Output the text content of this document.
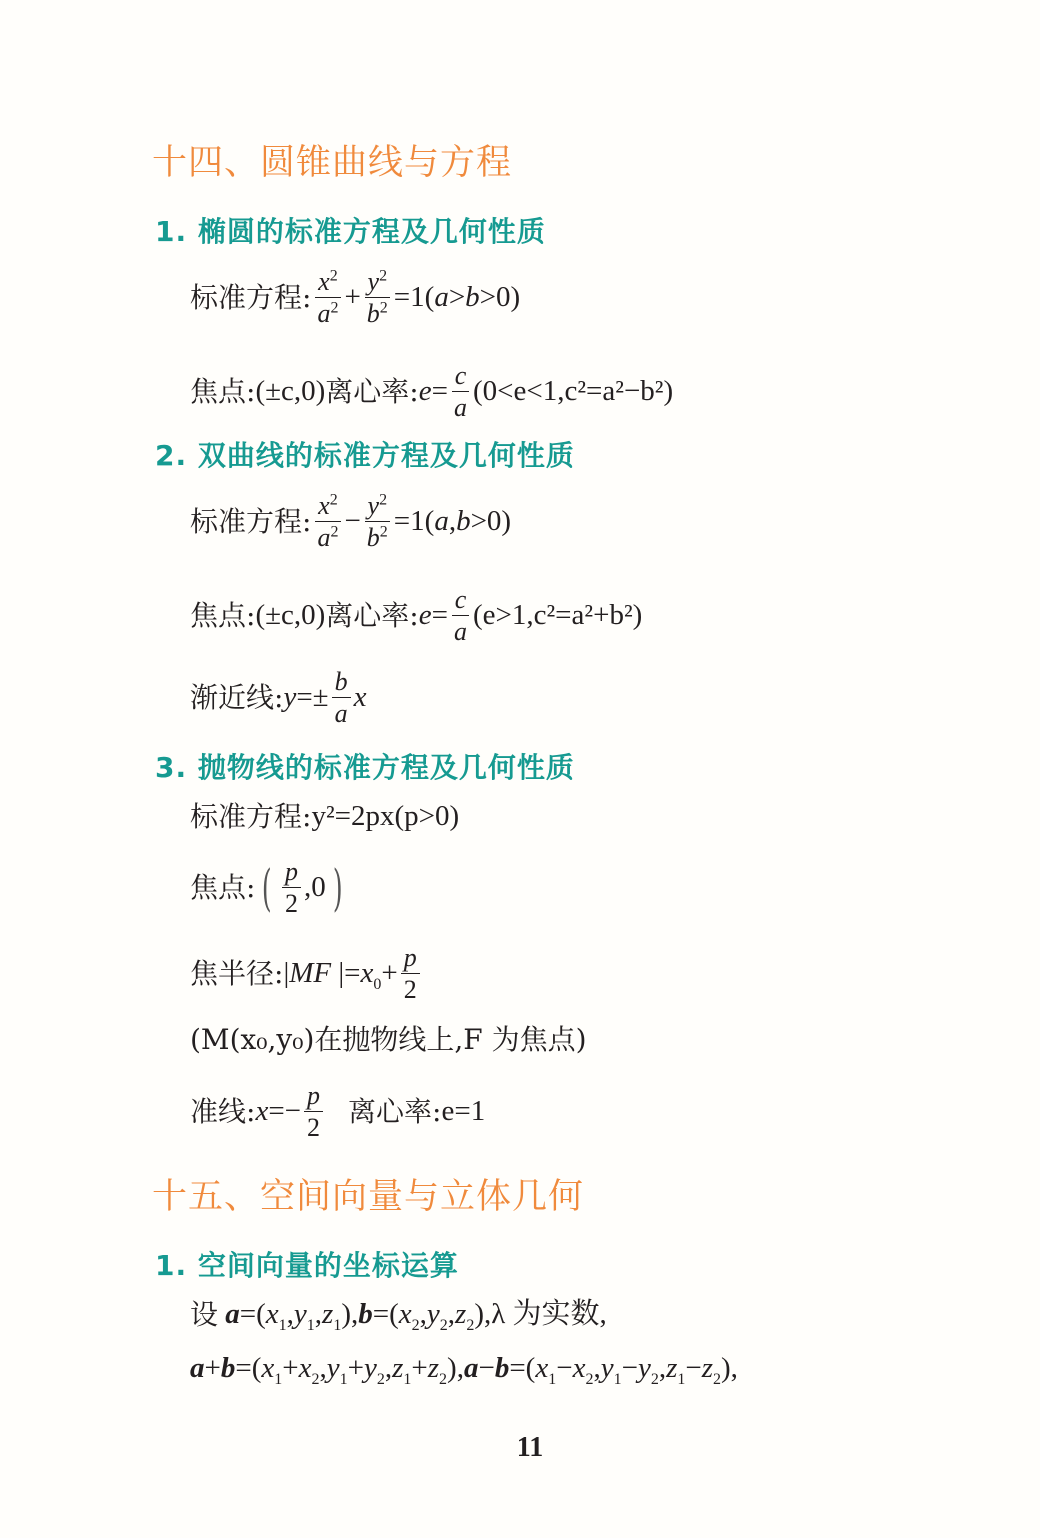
十四、圆锥曲线与方程
1. 椭圆的标准方程及几何性质
标准方程: $\frac{x^2}{a^2} + \frac{y^2}{b^2} =1(a>b>0)$
焦点: (±c,0) 离心率: $e= \frac{c}{a} (0<e<1,c^2=a^2-b^2)$
2. 双曲线的标准方程及几何性质
标准方程: $\frac{x^2}{a^2} - \frac{y^2}{b^2} =1(a,b>0)$
焦点: (±c,0) 离心率: $e= \frac{c}{a} (e>1,c^2=a^2+b^2)$
渐近线: $y=\pm \frac{b}{a}$ x
3. 抛物线的标准方程及几何性质
标准方程: y²=2px(p>0)
焦点: ( $\frac{p}{2} ,0$ )
焦半径: |MF $|=x_0+ \frac{p}{2}$
(M(x₀,y₀)在抛物线上,F 为焦点)
准线: $x=- \frac{p}{2}$ 离心率: e=1
十五、空间向量与立体几何
1. 空间向量的坐标运算
设 $a=(x_1,y_1,z_1),b=(x_2,y_2,z_2)$, λ 为实数,
$a+b=(x_1+x_2,y_1+y_2,z_1+z_2),a-b=(x_1-x_2,y_1-y_2,z_1-z_2)$,
11
